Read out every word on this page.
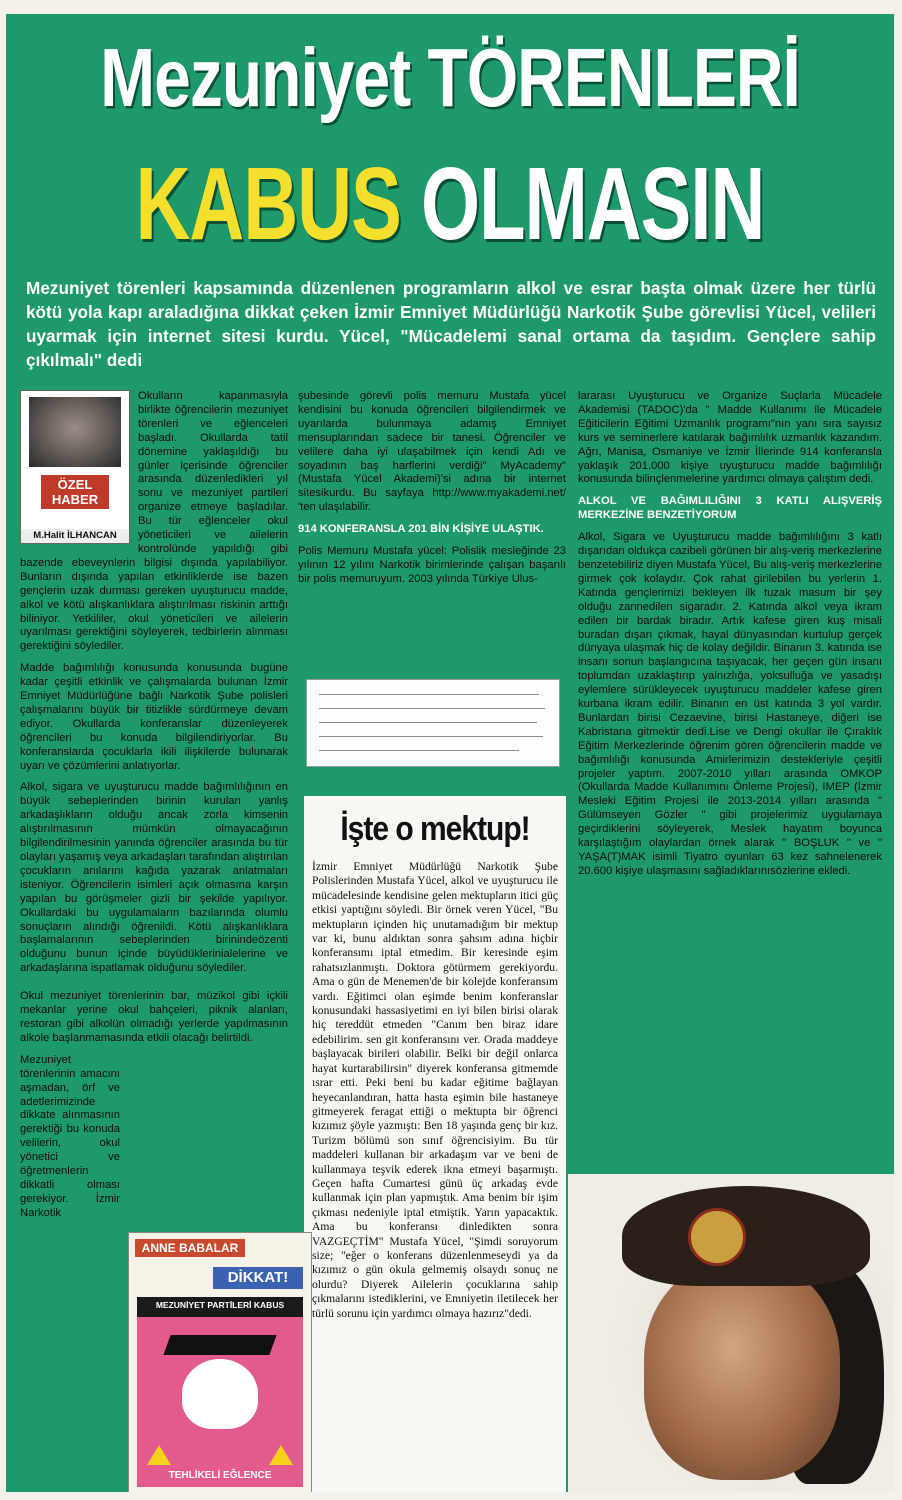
Mezuniyet TÖRENLERİ
KABUS OLMASIN
Mezuniyet törenleri kapsamında düzenlenen programların alkol ve esrar başta olmak üzere her türlü kötü yola kapı araladığına dikkat çeken İzmir Emniyet Müdürlüğü Narkotik Şube görevlisi Yücel, velileri uyarmak için internet sitesi kurdu. Yücel, "Mücadelemi sanal ortama da taşıdım. Gençlere sahip çıkılmalı" dedi
ÖZEL HABER
M.Halit İLHANCAN

Okulların kapanmasıyla birlikte öğrencilerin mezuniyet törenleri ve eğlenceleri başladı. Okullarda tatil dönemine yaklaşıldığı bu günler içerisinde öğrenciler arasında düzenledikleri yıl sonu ve mezuniyet partileri organize etmeye başladılar. Bu tür eğlenceler okul yöneticileri ve ailelerin kontrolünde yapıldığı gibi bazende ebeveynlerin bilgisi dışında yapılabiliyor. Bunların dışında yapılan etkinliklerde ise bazen gençlerin uzak durması gereken uyuşturucu madde, alkol ve kötü alışkanlıklara alıştırılması riskinin arttığı biliniyor. Yetkililer, okul yöneticileri ve ailelerin uyarılması gerektiğini söyleyerek, tedbirlerin alınması gerektiğini söylediler.

Madde bağımlılığı konusunda konusunda bugüne kadar çeşitli etkinlik ve çalışmalarda bulunan İzmir Emniyet Müdürlüğüne bağlı Narkotik Şube polisleri çalışmalarını büyük bir titizlikle sürdürmeye devam ediyor. Okullarda konferanslar düzenleyerek öğrencileri bu konuda bilgilendiriyorlar. Bu konferanslarda çocuklarla ikili ilişkilerde bulunarak uyarı ve çözümlerini anlatıyorlar.

Alkol, sigara ve uyuşturucu madde bağımlılığının en büyük sebeplerinden birinin kurulan yanlış arkadaşlıkların olduğu ancak zorla kimsenin alıştırılmasının mümkün olmayacağının bilgilendirilmesinin yanında öğrenciler arasında bu tür olayları yaşamış veya arkadaşları tarafından alıştırılan çocukların anılarını kağıda yazarak anlatmaları isteniyor. Öğrencilerin isimleri açık olmasına karşın yapılan bu görüşmeler gizli bir şekilde yapılıyor. Okullardaki bu uygulamaların bazılarında olumlu sonuçların alındığı öğrenildi. Kötü alışkanlıklara başlamalarının sebeplerinden birinindeözenti olduğunu bunun içinde büyüdüklerinialelerine ve arkadaşlarına ispatlamak olduğunu söylediler.

Okul mezuniyet törenlerinin bar, müzikol gibi içkili mekanlar yerine okul bahçeleri, piknik alanları, restoran gibi alkolün olmadığı yerlerde yapılmasının alkole başlanmamasında etkili olacağı belirtildi.

Mezuniyet törenlerinin amacını aşmadan, örf ve adetlerimizinde dikkate alınmasının gerektiği bu konuda velilerin, okul yönetici ve öğretmenlerin dikkatli olması gerekiyor. İzmir Narkotik

şubesinde görevli polis memuru Mustafa yücel kendisini bu konuda öğrencileri bilgilendirmek ve uyarılarda bulunmaya adamış Emniyet mensuplarından sadece bir tanesi. Öğrenciler ve velilere daha iyi ulaşabilmek için kendi Adı ve soyadının baş harflerini verdiği" MyAcademy" (Mustafa Yücel Akademi)'si adına bir internet sitesikurdu. Bu sayfaya http://www.myakademi.net/ 'ten ulaşılabilir.

914 KONFERANSLA 201 BİN KİŞİYE ULAŞTIK.

Polis Memuru Mustafa yücel: Polislik mesleğinde 23 yılının 12 yılını Narkotik birimlerinde çalışan başarılı bir polis memuruyum. 2003 yılında Türkiye Ulus-

İşte o mektup!
İzmir Emniyet Müdürlüğü Narkotik Şube Polislerinden Mustafa Yücel, alkol ve uyuşturucu ile mücadelesinde kendisine gelen mektupların itici güç etkisi yaptığını söyledi. Bir örnek veren Yücel, "Bu mektupların içinden hiç unutamadığım bir mektup var ki, bunu aldıktan sonra şahsım adına hiçbir konferansımı iptal etmedim. Bir keresinde eşim rahatsızlanmıştı. Doktora götürmem gerekiyordu. Ama o gün de Menemen'de bir kolejde konferansım vardı. Eğitimci olan eşimde benim konferanslar konusundaki hassasiyetimi en iyi bilen birisi olarak hiç tereddüt etmeden "Canım ben biraz idare edebilirim. sen git konferansını ver. Orada maddeye başlayacak birileri olabilir. Belki bir değil onlarca hayat kurtarabilirsin" diyerek konferansa gitmemde ısrar etti. Peki beni bu kadar eğitime bağlayan heyecanlandıran, hatta hasta eşimin bile hastaneye gitmeyerek feragat ettiği o mektupta bir öğrenci kızımız şöyle yazmıştı: Ben 18 yaşında genç bir kız. Turizm bölümü son sınıf öğrencisiyim. Bu tür maddeleri kullanan bir arkadaşım var ve beni de kullanmaya teşvik ederek ikna etmeyi başarmıştı. Geçen hafta Cumartesi günü üç arkadaş evde kullanmak için plan yapmıştık. Ama benim bir işim çıkması nedeniyle iptal etmiştik. Yarın yapacaktık. Ama bu konferansı dinledikten sonra VAZGEÇTİM" Mustafa Yücel, "Şimdi soruyorum size; "eğer o konferans düzenlenmeseydi ya da kızımız o gün okula gelmemiş olsaydı sonuç ne olurdu? Diyerek Ailelerin çocuklarına sahip çıkmalarını istediklerini, ve Emniyetin iletilecek her türlü sorunu için yardımcı olmaya hazırız"dedi.

lararası Uyuşturucu ve Organize Suçlarla Mücadele Akademisi (TADOC)'da " Madde Kullanımı ile Mücadele Eğiticilerin Eğitimi Uzmanlık programı"nın yanı sıra sayısız kurs ve seminerlere katılarak bağımlılık uzmanlık kazandım. Ağrı, Manisa, Osmaniye ve İzmir İllerinde 914 konferansla yaklaşık 201.000 kişiye uyuşturucu madde bağımlılığı konusunda bilinçlenmelerine yardımcı olmaya çalıştım dedi.

ALKOL VE BAĞIMLILIĞINI 3 KATLI ALIŞVERİŞ MERKEZİNE BENZETİYORUM

Alkol, Sigara ve Uyuşturucu madde bağımlılığını 3 katlı dışarıdan oldukça cazibeli görünen bir alış-veriş merkezlerine benzetebiliriz diyen Mustafa Yücel, Bu alış-veriş merkezlerine girmek çok kolaydır. Çok rahat girilebilen bu yerlerin 1. Katında gençlerimizi bekleyen ilk tuzak masum bir şey olduğu zannedilen sigaradır. 2. Katında alkol veya ikram edilen bir bardak biradır. Artık kafese giren kuş misali buradan dışarı çıkmak, hayal dünyasından kurtulup gerçek dünyaya ulaşmak hiç de kolay değildir. Binanın 3. katında ise insanı sonun başlangıcına taşıyacak, her geçen gün insanı toplumdan uzaklaştırıp yalnızlığa, yoksulluğa ve yasadışı eylemlere sürükleyecek uyuşturucu maddeler kafese giren kurbana ikram edilir. Binanın en üst katında 3 yol vardır. Bunlardan birisi Cezaevine, birisi Hastaneye, diğeri ise Kabristana gitmektir dedi.Lise ve Dengi okullar ile Çıraklık Eğitim Merkezlerinde öğrenim gören öğrencilerin madde ve bağımlılığı konusunda Amirlerimizin destekleriyle çeşitli projeler yaptım. 2007-2010 yılları arasında OMKOP (Okullarda Madde Kullanımını Önleme Projesi), IMEP (İzmir Mesleki Eğitim Projesi ile 2013-2014 yılları arasında " Gülümseyen Gözler " gibi projelerimiz uygulamaya geçirdiklerini söyleyerek, Meslek hayatım boyunca karşılaştığım olaylardan örnek alarak " BOŞLUK " ve " YAŞA(T)MAK isimli Tiyatro oyunları 63 kez sahnelenerek 20.600 kişiye ulaşmasını sağladıklarınısözlerine ekledi.

ANNE BABALAR
DİKKAT!
MEZUNİYET PARTİLERİ KABUS
TEHLİKELİ EĞLENCE
